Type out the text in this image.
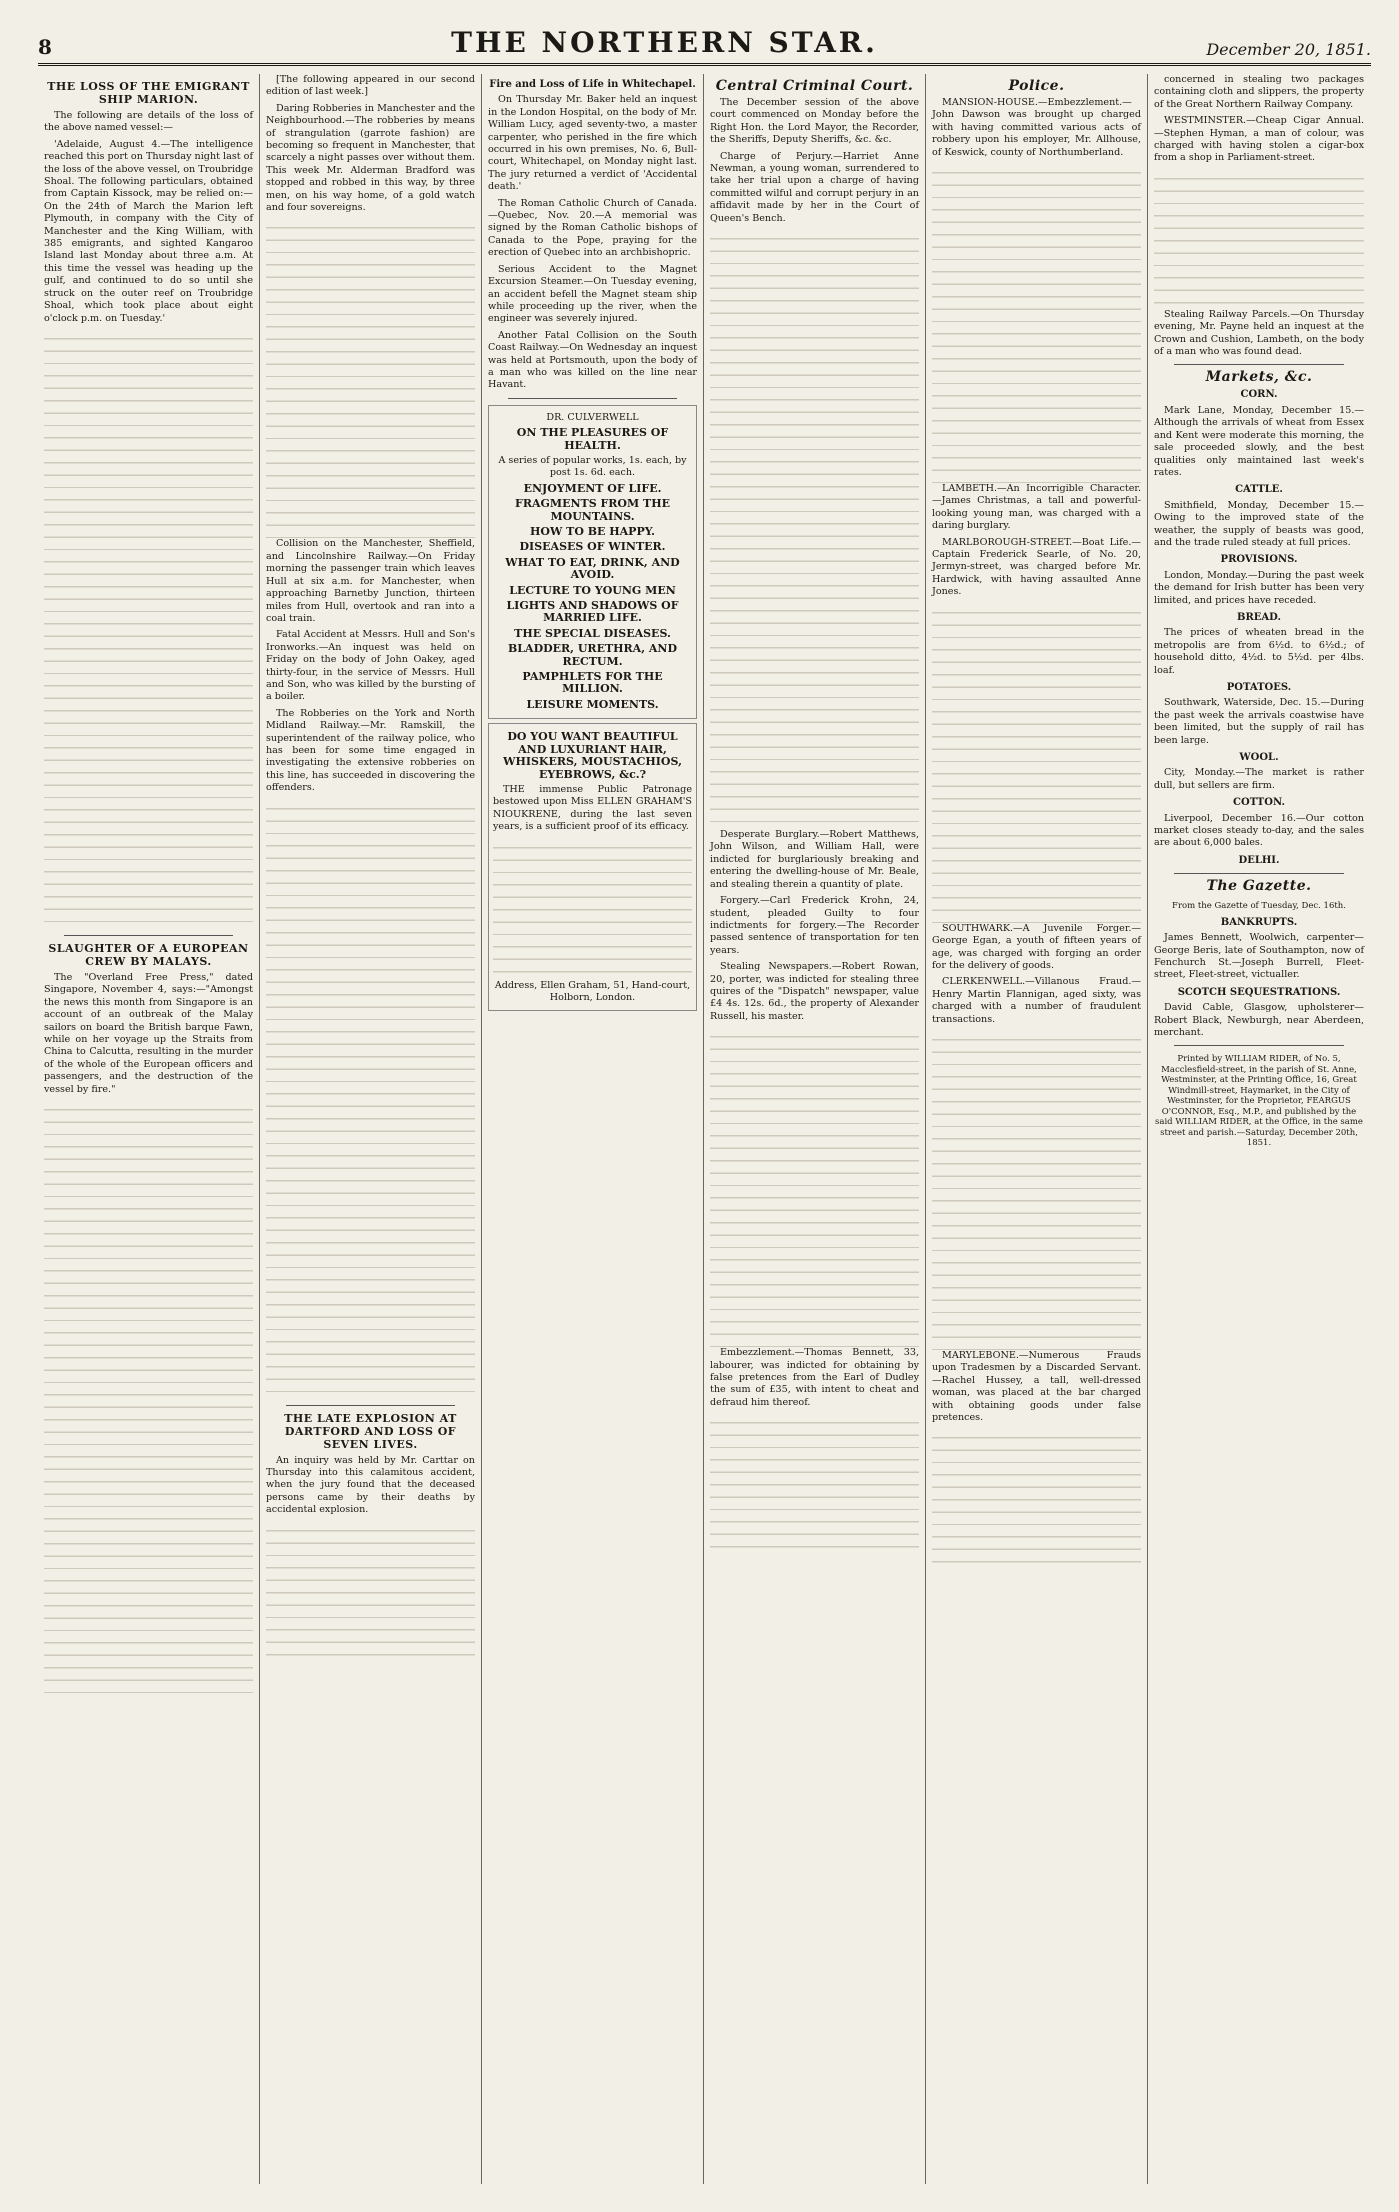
8	THE NORTHERN STAR.	December 20, 1851.
THE LOSS OF THE EMIGRANT SHIP MARION.

The following are details of the loss of the above named vessel:—

'Adelaide, August 4.—The intelligence reached this port on Thursday night last of the loss of the above vessel, on Troubridge Shoal. The following particulars, obtained from Captain Kissock, may be relied on:—On the 24th of March the Marion left Plymouth, in company with the City of Manchester and the King William, with 385 emigrants, and sighted Kangaroo Island last Monday about three a.m. At this time the vessel was heading up the gulf, and continued to do so until she struck on the outer reef on Troubridge Shoal, which took place about eight o'clock p.m. on Tuesday.'

SLAUGHTER OF A EUROPEAN CREW BY MALAYS.

The "Overland Free Press," dated Singapore, November 4, says:—"Amongst the news this month from Singapore is an account of an outbreak of the Malay sailors on board the British barque Fawn, while on her voyage up the Straits from China to Calcutta, resulting in the murder of the whole of the European officers and passengers, and the destruction of the vessel by fire."

[The following appeared in our second edition of last week.]

Daring Robberies in Manchester and the Neighbourhood.—The robberies by means of strangulation (garrote fashion) are becoming so frequent in Manchester, that scarcely a night passes over without them. This week Mr. Alderman Bradford was stopped and robbed in this way, by three men, on his way home, of a gold watch and four sovereigns.

Collision on the Manchester, Sheffield, and Lincolnshire Railway.—On Friday morning the passenger train which leaves Hull at six a.m. for Manchester, when approaching Barnetby Junction, thirteen miles from Hull, overtook and ran into a coal train.

Fatal Accident at Messrs. Hull and Son's Ironworks.—An inquest was held on Friday on the body of John Oakey, aged thirty-four, in the service of Messrs. Hull and Son, who was killed by the bursting of a boiler.

The Robberies on the York and North Midland Railway.—Mr. Ramskill, the superintendent of the railway police, who has been for some time engaged in investigating the extensive robberies on this line, has succeeded in discovering the offenders.

THE LATE EXPLOSION AT DARTFORD AND LOSS OF SEVEN LIVES.

An inquiry was held by Mr. Carttar on Thursday into this calamitous accident, when the jury found that the deceased persons came by their deaths by accidental explosion.

Fire and Loss of Life in Whitechapel.

On Thursday Mr. Baker held an inquest in the London Hospital, on the body of Mr. William Lucy, aged seventy-two, a master carpenter, who perished in the fire which occurred in his own premises, No. 6, Bull-court, Whitechapel, on Monday night last. The jury returned a verdict of 'Accidental death.'

The Roman Catholic Church of Canada.—Quebec, Nov. 20.—A memorial was signed by the Roman Catholic bishops of Canada to the Pope, praying for the erection of Quebec into an archbishopric.

Serious Accident to the Magnet Excursion Steamer.—On Tuesday evening, an accident befell the Magnet steam ship while proceeding up the river, when the engineer was severely injured.

Another Fatal Collision on the South Coast Railway.—On Wednesday an inquest was held at Portsmouth, upon the body of a man who was killed on the line near Havant.

DR. CULVERWELL
ON THE PLEASURES OF HEALTH.
A series of popular works, 1s. each, by post 1s. 6d. each.
ENJOYMENT OF LIFE.
FRAGMENTS FROM THE MOUNTAINS.
HOW TO BE HAPPY.
DISEASES OF WINTER.
WHAT TO EAT, DRINK, AND AVOID.
LECTURE TO YOUNG MEN
LIGHTS AND SHADOWS OF MARRIED LIFE.
THE SPECIAL DISEASES.
BLADDER, URETHRA, AND RECTUM.
PAMPHLETS FOR THE MILLION.
LEISURE MOMENTS.
DO YOU WANT BEAUTIFUL AND LUXURIANT HAIR, WHISKERS, MOUSTACHIOS, EYEBROWS, &c.?

THE immense Public Patronage bestowed upon Miss ELLEN GRAHAM'S NIOUKRENE, during the last seven years, is a sufficient proof of its efficacy.

Address, Ellen Graham, 51, Hand-court, Holborn, London.
Central Criminal Court.

The December session of the above court commenced on Monday before the Right Hon. the Lord Mayor, the Recorder, the Sheriffs, Deputy Sheriffs, &c. &c.

Charge of Perjury.—Harriet Anne Newman, a young woman, surrendered to take her trial upon a charge of having committed wilful and corrupt perjury in an affidavit made by her in the Court of Queen's Bench.

Desperate Burglary.—Robert Matthews, John Wilson, and William Hall, were indicted for burglariously breaking and entering the dwelling-house of Mr. Beale, and stealing therein a quantity of plate.

Forgery.—Carl Frederick Krohn, 24, student, pleaded Guilty to four indictments for forgery.—The Recorder passed sentence of transportation for ten years.

Stealing Newspapers.—Robert Rowan, 20, porter, was indicted for stealing three quires of the "Dispatch" newspaper, value £4 4s. 12s. 6d., the property of Alexander Russell, his master.

Embezzlement.—Thomas Bennett, 33, labourer, was indicted for obtaining by false pretences from the Earl of Dudley the sum of £35, with intent to cheat and defraud him thereof.

Police.

MANSION-HOUSE.—Embezzlement.—John Dawson was brought up charged with having committed various acts of robbery upon his employer, Mr. Allhouse, of Keswick, county of Northumberland.

LAMBETH.—An Incorrigible Character.—James Christmas, a tall and powerful-looking young man, was charged with a daring burglary.

MARLBOROUGH-STREET.—Boat Life.—Captain Frederick Searle, of No. 20, Jermyn-street, was charged before Mr. Hardwick, with having assaulted Anne Jones.

SOUTHWARK.—A Juvenile Forger.—George Egan, a youth of fifteen years of age, was charged with forging an order for the delivery of goods.

CLERKENWELL.—Villanous Fraud.—Henry Martin Flannigan, aged sixty, was charged with a number of fraudulent transactions.

MARYLEBONE.—Numerous Frauds upon Tradesmen by a Discarded Servant.—Rachel Hussey, a tall, well-dressed woman, was placed at the bar charged with obtaining goods under false pretences.

concerned in stealing two packages containing cloth and slippers, the property of the Great Northern Railway Company.

WESTMINSTER.—Cheap Cigar Annual.—Stephen Hyman, a man of colour, was charged with having stolen a cigar-box from a shop in Parliament-street.

Stealing Railway Parcels.—On Thursday evening, Mr. Payne held an inquest at the Crown and Cushion, Lambeth, on the body of a man who was found dead.

Markets, &c.
CORN.

Mark Lane, Monday, December 15.—Although the arrivals of wheat from Essex and Kent were moderate this morning, the sale proceeded slowly, and the best qualities only maintained last week's rates.

CATTLE.

Smithfield, Monday, December 15.—Owing to the improved state of the weather, the supply of beasts was good, and the trade ruled steady at full prices.

PROVISIONS.

London, Monday.—During the past week the demand for Irish butter has been very limited, and prices have receded.

BREAD.

The prices of wheaten bread in the metropolis are from 6½d. to 6½d.; of household ditto, 4½d. to 5½d. per 4lbs. loaf.

POTATOES.

Southwark, Waterside, Dec. 15.—During the past week the arrivals coastwise have been limited, but the supply of rail has been large.

WOOL.

City, Monday.—The market is rather dull, but sellers are firm.

COTTON.

Liverpool, December 16.—Our cotton market closes steady to-day, and the sales are about 6,000 bales.

DELHI.
The Gazette.
From the Gazette of Tuesday, Dec. 16th.
BANKRUPTS.

James Bennett, Woolwich, carpenter—George Beris, late of Southampton, now of Fenchurch St.—Joseph Burrell, Fleet-street, Fleet-street, victualler.

SCOTCH SEQUESTRATIONS.

David Cable, Glasgow, upholsterer—Robert Black, Newburgh, near Aberdeen, merchant.

Printed by WILLIAM RIDER, of No. 5, Macclesfield-street, in the parish of St. Anne, Westminster, at the Printing Office, 16, Great Windmill-street, Haymarket, in the City of Westminster, for the Proprietor, FEARGUS O'CONNOR, Esq., M.P., and published by the said WILLIAM RIDER, at the Office, in the same street and parish.—Saturday, December 20th, 1851.
